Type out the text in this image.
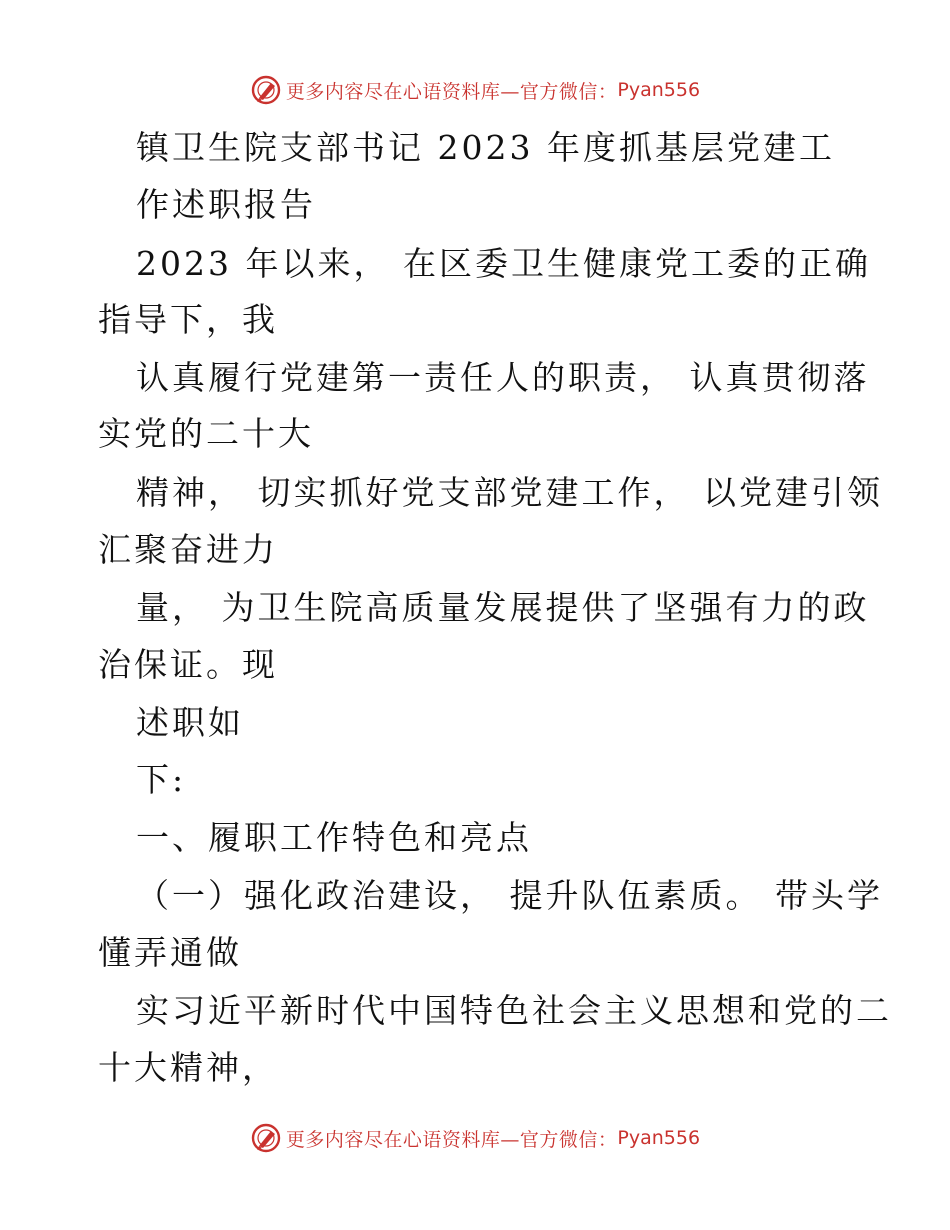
更多内容尽在心语资料库—官方微信： Pyan556
镇卫生院支部书记 2023 年度抓基层党建工
作述职报告
2023 年以来， 在区委卫生健康党工委的正确
指导下，我
认真履行党建第一责任人的职责， 认真贯彻落
实党的二十大
精神， 切实抓好党支部党建工作， 以党建引领
汇聚奋进力
量， 为卫生院高质量发展提供了坚强有力的政
治保证。现
述职如
下:
一、履职工作特色和亮点
（一）强化政治建设， 提升队伍素质。 带头学
懂弄通做
实习近平新时代中国特色社会主义思想和党的二
十大精神，
更多内容尽在心语资料库—官方微信： Pyan556
